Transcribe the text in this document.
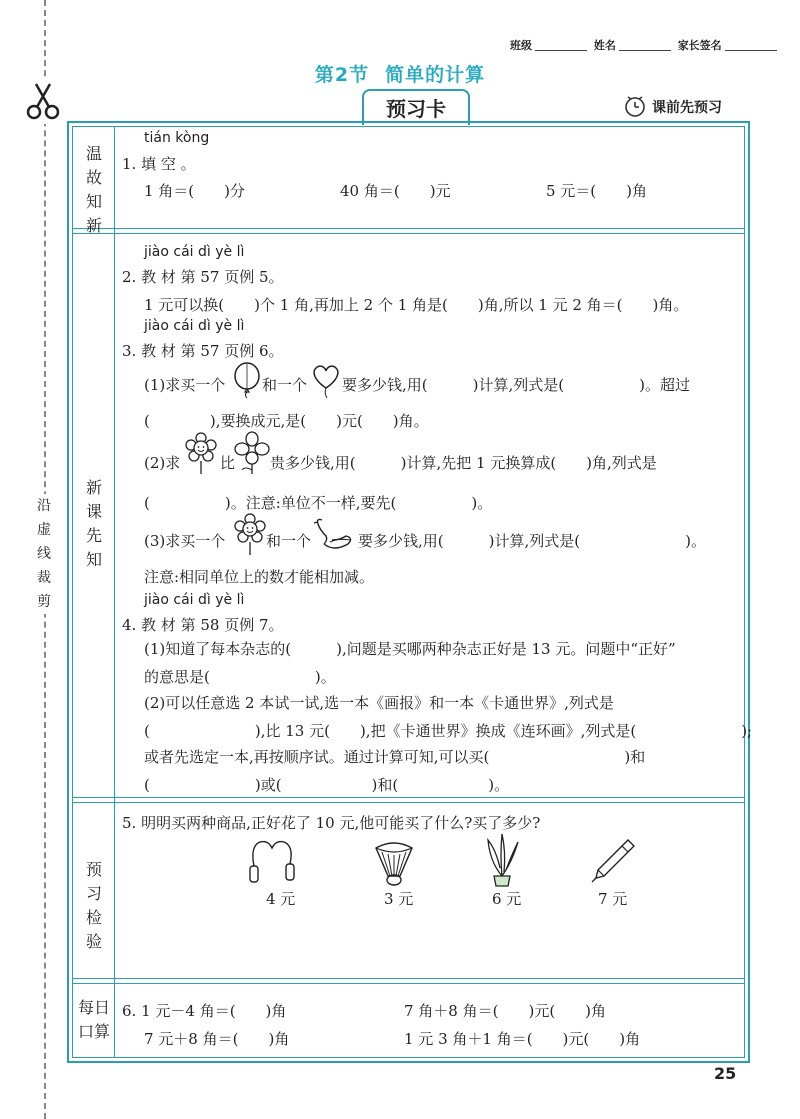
沿
虚
线
裁
剪
班级	姓名	家长签名
第2节 简单的计算
预习卡	课前先预习
温
故
知
新
新
课
先
知
预
习
检
验
每日
口算
tián kòng
1. 填 空 。
1 角＝(　　)分	40 角＝(　　)元	5 元＝(　　)角
jiào cái dì yè lì
2. 教 材 第 57 页例 5。
1 元可以换(　　)个 1 角,再加上 2 个 1 角是(　　)角,所以 1 元 2 角＝(　　)角。
jiào cái dì yè lì
3. 教 材 第 57 页例 6。
(1)求买一个 和一个 要多少钱,用(　　　)计算,列式是(　　　　　)。超过
(　　　　),要换成元,是(　　)元(　　)角。
(2)求	比 贵多少钱,用(　　　)计算,先把 1 元换算成(　　)角,列式是
(　　　　　)。注意:单位不一样,要先(　　　　　)。
(3)求买一个	和一个	要多少钱,用(　　　)计算,列式是(　　　　　　　)。
注意:相同单位上的数才能相加减。
jiào cái dì yè lì
4. 教 材 第 58 页例 7。
(1)知道了每本杂志的(　　　),问题是买哪两种杂志正好是 13 元。问题中“正好”
的意思是(　　　　　　　)。
(2)可以任意选 2 本试一试,选一本《画报》和一本《卡通世界》,列式是
(　　　　　　　),比 13 元(　　),把《卡通世界》换成《连环画》,列式是(　　　　　　　);
或者先选定一本,再按顺序试。通过计算可知,可以买(　　　　　　　　　)和
(　　　　　　　)或(　　　　　　)和(　　　　　　)。
5. 明明买两种商品,正好花了 10 元,他可能买了什么?买了多少?
4 元	3 元	6 元	7 元
6. 1 元－4 角＝(　　)角	7 角＋8 角＝(　　)元(　　)角
7 元＋8 角＝(　　)角	1 元 3 角＋1 角＝(　　)元(　　)角
25
